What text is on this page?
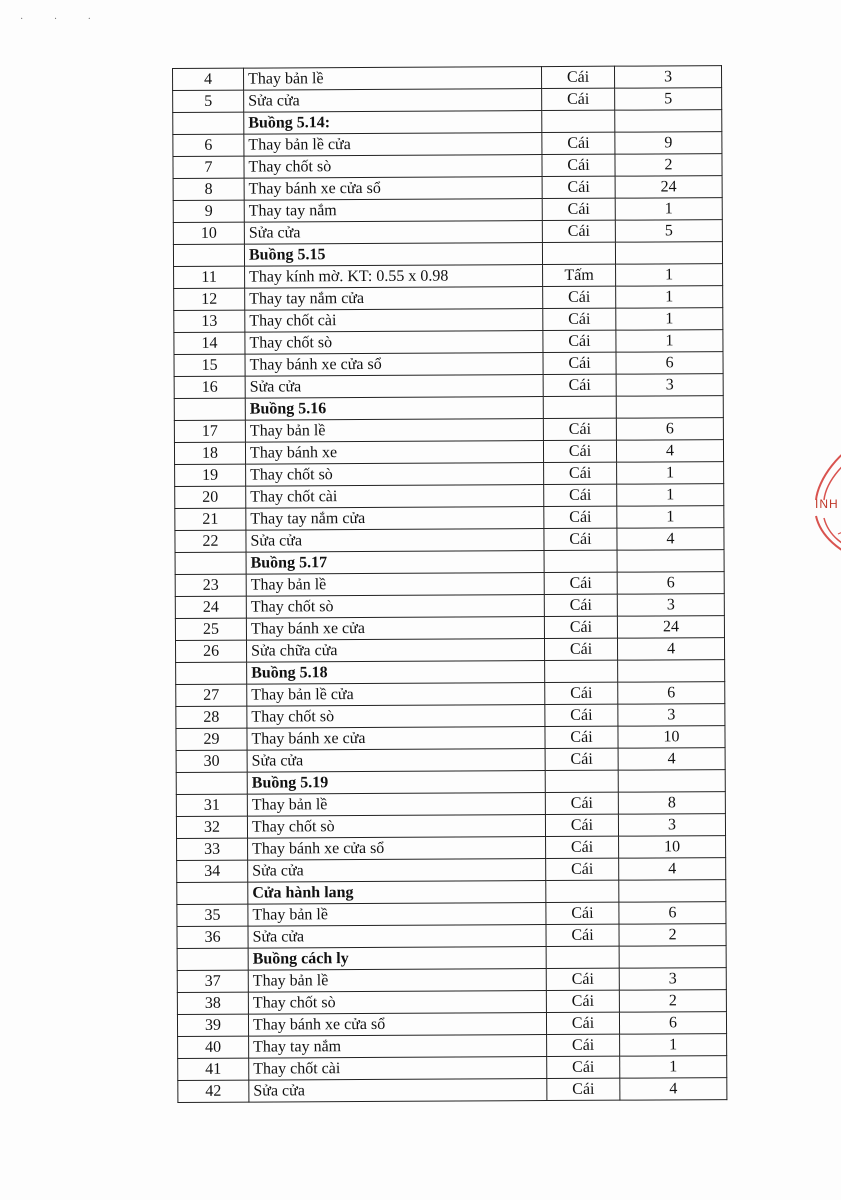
· · ·
4	Thay bản lề	Cái	3
5	Sửa cửa	Cái	5
	Buồng 5.14:		
6	Thay bản lề cửa	Cái	9
7	Thay chốt sò	Cái	2
8	Thay bánh xe cửa sổ	Cái	24
9	Thay tay nắm	Cái	1
10	Sửa cửa	Cái	5
	Buồng 5.15		
11	Thay kính mờ. KT: 0.55 x 0.98	Tấm	1
12	Thay tay nắm cửa	Cái	1
13	Thay chốt cài	Cái	1
14	Thay chốt sò	Cái	1
15	Thay bánh xe cửa sổ	Cái	6
16	Sửa cửa	Cái	3
	Buồng 5.16		
17	Thay bản lề	Cái	6
18	Thay bánh xe	Cái	4
19	Thay chốt sò	Cái	1
20	Thay chốt cài	Cái	1
21	Thay tay nắm cửa	Cái	1
22	Sửa cửa	Cái	4
	Buồng 5.17		
23	Thay bản lề	Cái	6
24	Thay chốt sò	Cái	3
25	Thay bánh xe cửa	Cái	24
26	Sửa chữa cửa	Cái	4
	Buồng 5.18		
27	Thay bản lề cửa	Cái	6
28	Thay chốt sò	Cái	3
29	Thay bánh xe cửa	Cái	10
30	Sửa cửa	Cái	4
	Buồng 5.19		
31	Thay bản lề	Cái	8
32	Thay chốt sò	Cái	3
33	Thay bánh xe cửa sổ	Cái	10
34	Sửa cửa	Cái	4
	Cửa hành lang		
35	Thay bản lề	Cái	6
36	Sửa cửa	Cái	2
	Buồng cách ly		
37	Thay bản lề	Cái	3
38	Thay chốt sò	Cái	2
39	Thay bánh xe cửa sổ	Cái	6
40	Thay tay nắm	Cái	1
41	Thay chốt cài	Cái	1
42	Sửa cửa	Cái	4
INH
